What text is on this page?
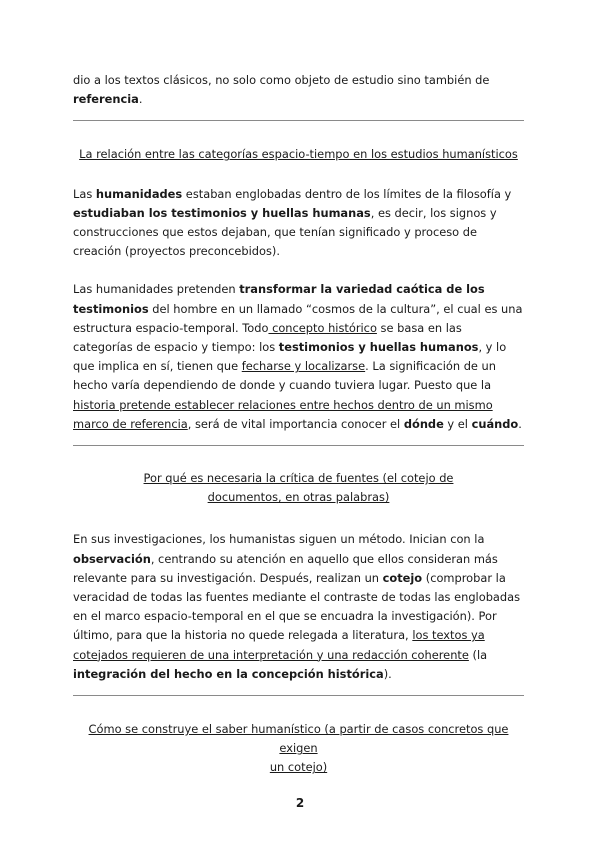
dio a los textos clásicos, no solo como objeto de estudio sino también de referencia.

La relación entre las categorías espacio-tiempo en los estudios humanísticos

Las humanidades estaban englobadas dentro de los límites de la filosofía y estudiaban los testimonios y huellas humanas, es decir, los signos y construcciones que estos dejaban, que tenían significado y proceso de creación (proyectos preconcebidos).

Las humanidades pretenden transformar la variedad caótica de los testimonios del hombre en un llamado “cosmos de la cultura”, el cual es una estructura espacio-temporal. Todo concepto histórico se basa en las categorías de espacio y tiempo: los testimonios y huellas humanos, y lo que implica en sí, tienen que fecharse y localizarse. La significación de un hecho varía dependiendo de donde y cuando tuviera lugar. Puesto que la historia pretende establecer relaciones entre hechos dentro de un mismo marco de referencia, será de vital importancia conocer el dónde y el cuándo.

Por qué es necesaria la crítica de fuentes (el cotejo de
documentos, en otras palabras)

En sus investigaciones, los humanistas siguen un método. Inician con la observación, centrando su atención en aquello que ellos consideran más relevante para su investigación. Después, realizan un cotejo (comprobar la veracidad de todas las fuentes mediante el contraste de todas las englobadas en el marco espacio-temporal en el que se encuadra la investigación). Por último, para que la historia no quede relegada a literatura, los textos ya cotejados requieren de una interpretación y una redacción coherente (la integración del hecho en la concepción histórica).

Cómo se construye el saber humanístico (a partir de casos concretos que exigen
un cotejo)
2
